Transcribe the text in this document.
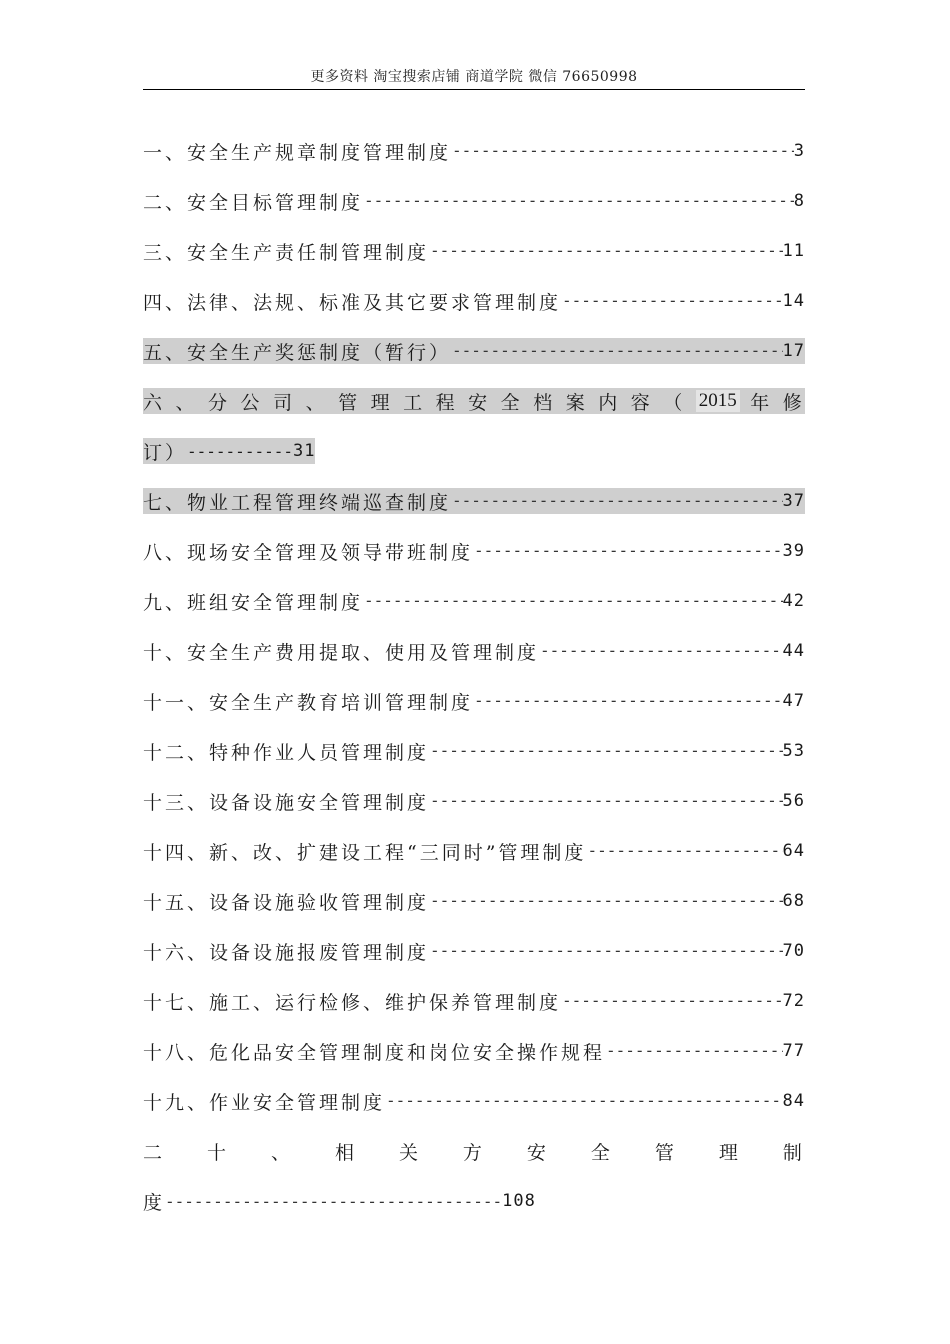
更多资料 淘宝搜索店铺 商道学院 微信 76650998
一、安全生产规章制度管理制度 -----	3
二、安全目标管理制度 -----	8
三、安全生产责任制管理制度 -----	11
四、法律、法规、标准及其它要求管理制度 -----	14
五、安全生产奖惩制度（暂行） -----	17
六 、 分 公 司 、 管 理 工 程 安 全 档 案 内 容 （ 2015 年 修
订） ----------- 31
七、物业工程管理终端巡查制度 -----	37
八、现场安全管理及领导带班制度 -----	39
九、班组安全管理制度 -----	42
十、安全生产费用提取、使用及管理制度 -----	44
十一、安全生产教育培训管理制度 -----	47
十二、特种作业人员管理制度 -----	53
十三、设备设施安全管理制度 -----	56
十四、新、改、扩建设工程“三同时”管理制度 -----	64
十五、设备设施验收管理制度 -----	68
十六、设备设施报废管理制度 -----	70
十七、施工、运行检修、维护保养管理制度 -----	72
十八、危化品安全管理制度和岗位安全操作规程 -----	77
十九、作业安全管理制度 -----	84
二 十 、 相 关 方 安 全 管 理 制
度 ----------------------------------- 108
